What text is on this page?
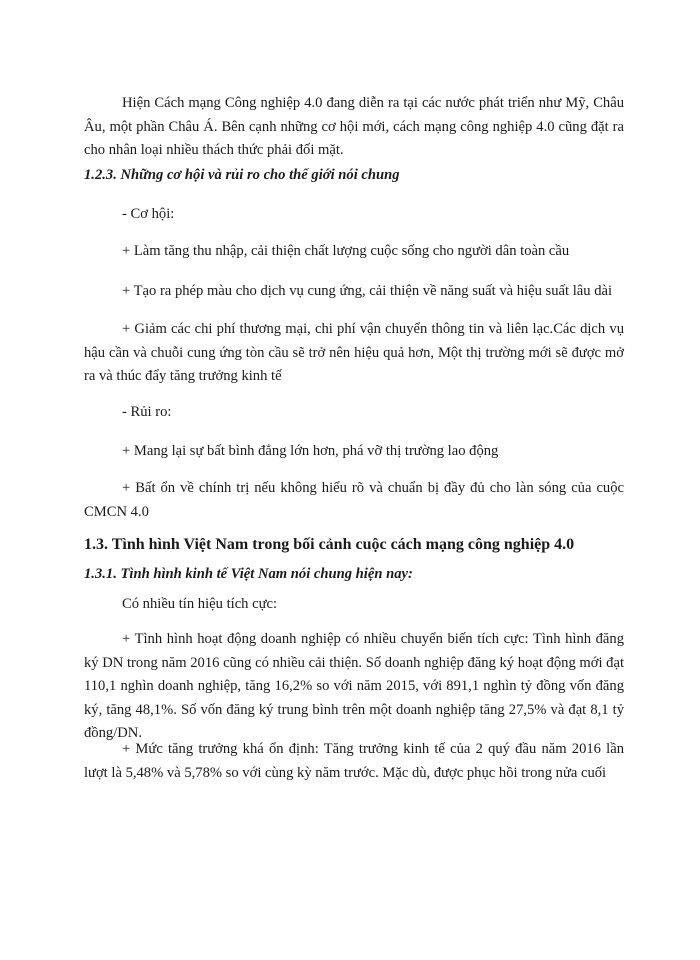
Hiện Cách mạng Công nghiệp 4.0 đang diễn ra tại các nước phát triển như Mỹ, Châu Âu, một phần Châu Á. Bên cạnh những cơ hội mới, cách mạng công nghiệp 4.0 cũng đặt ra cho nhân loại nhiều thách thức phải đối mặt.

1.2.3. Những cơ hội và rủi ro cho thế giới nói chung

- Cơ hội:

+ Làm tăng thu nhập, cải thiện chất lượng cuộc sống cho người dân toàn cầu

+ Tạo ra phép màu cho dịch vụ cung ứng, cải thiện về năng suất và hiệu suất lâu dài

+ Giảm các chi phí thương mại, chi phí vận chuyển thông tin và liên lạc.Các dịch vụ hậu cần và chuỗi cung ứng tòn cầu sẽ trở nên hiệu quả hơn, Một thị trường mới sẽ được mở ra và thúc đẩy tăng trưởng kinh tế

- Rủi ro:

+ Mang lại sự bất bình đẳng lớn hơn, phá vỡ thị trường lao động

+ Bất ổn về chính trị nếu không hiểu rõ và chuẩn bị đầy đủ cho làn sóng của cuộc CMCN 4.0

1.3. Tình hình Việt Nam trong bối cảnh cuộc cách mạng công nghiệp 4.0

1.3.1. Tình hình kinh tế Việt Nam nói chung hiện nay:

Có nhiều tín hiệu tích cực:

+ Tình hình hoạt động doanh nghiệp có nhiều chuyển biến tích cực: Tình hình đăng ký DN trong năm 2016 cũng có nhiều cải thiện. Số doanh nghiệp đăng ký hoạt động mới đạt 110,1 nghìn doanh nghiệp, tăng 16,2% so với năm 2015, với 891,1 nghìn tỷ đồng vốn đăng ký, tăng 48,1%. Số vốn đăng ký trung bình trên một doanh nghiệp tăng 27,5% và đạt 8,1 tỷ đồng/DN.

+ Mức tăng trưởng khá ổn định: Tăng trưởng kinh tế của 2 quý đầu năm 2016 lần lượt là 5,48% và 5,78% so với cùng kỳ năm trước. Mặc dù, được phục hồi trong nửa cuối
